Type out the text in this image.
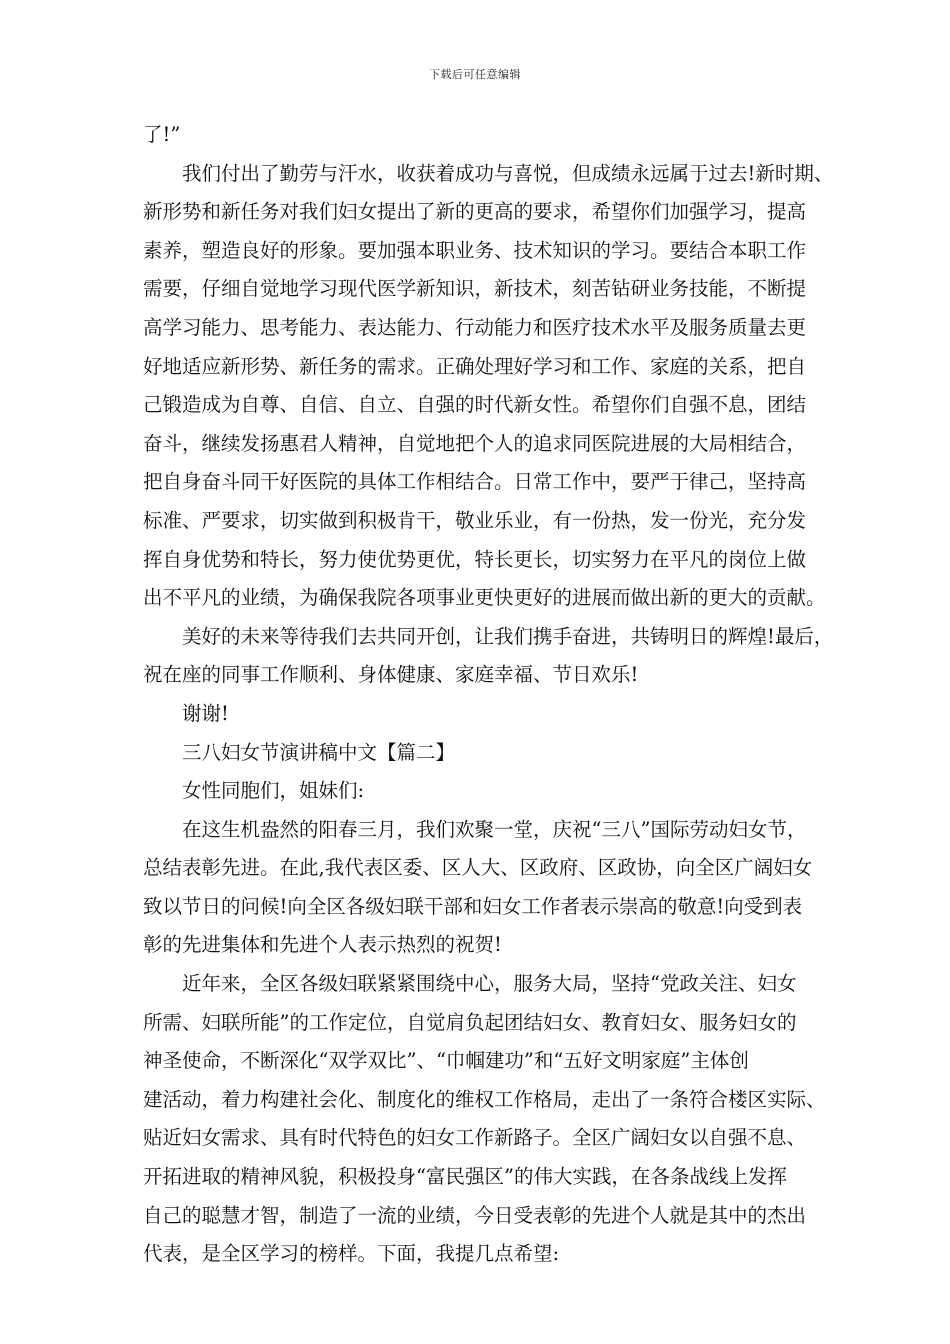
下载后可任意编辑
了!”
我们付出了勤劳与汗水，收获着成功与喜悦，但成绩永远属于过去!新时期、
新形势和新任务对我们妇女提出了新的更高的要求，希望你们加强学习，提高
素养，塑造良好的形象。要加强本职业务、技术知识的学习。要结合本职工作
需要，仔细自觉地学习现代医学新知识，新技术，刻苦钻研业务技能，不断提
高学习能力、思考能力、表达能力、行动能力和医疗技术水平及服务质量去更
好地适应新形势、新任务的需求。正确处理好学习和工作、家庭的关系，把自
己锻造成为自尊、自信、自立、自强的时代新女性。希望你们自强不息，团结
奋斗，继续发扬惠君人精神，自觉地把个人的追求同医院进展的大局相结合，
把自身奋斗同干好医院的具体工作相结合。日常工作中，要严于律己，坚持高
标准、严要求，切实做到积极肯干，敬业乐业，有一份热，发一份光，充分发
挥自身优势和特长，努力使优势更优，特长更长，切实努力在平凡的岗位上做
出不平凡的业绩，为确保我院各项事业更快更好的进展而做出新的更大的贡献。
美好的未来等待我们去共同开创，让我们携手奋进，共铸明日的辉煌!最后，
祝在座的同事工作顺利、身体健康、家庭幸福、节日欢乐!
谢谢!
三八妇女节演讲稿中文【篇二】
女性同胞们，姐妹们:
在这生机盎然的阳春三月，我们欢聚一堂，庆祝“三八”国际劳动妇女节，
总结表彰先进。在此,我代表区委、区人大、区政府、区政协，向全区广阔妇女
致以节日的问候!向全区各级妇联干部和妇女工作者表示崇高的敬意!向受到表
彰的先进集体和先进个人表示热烈的祝贺!
近年来，全区各级妇联紧紧围绕中心，服务大局，坚持“党政关注、妇女
所需、妇联所能”的工作定位，自觉肩负起团结妇女、教育妇女、服务妇女的
神圣使命，不断深化“双学双比”、“巾帼建功”和“五好文明家庭”主体创
建活动，着力构建社会化、制度化的维权工作格局，走出了一条符合楼区实际、
贴近妇女需求、具有时代特色的妇女工作新路子。全区广阔妇女以自强不息、
开拓进取的精神风貌，积极投身“富民强区”的伟大实践，在各条战线上发挥
自己的聪慧才智，制造了一流的业绩，今日受表彰的先进个人就是其中的杰出
代表，是全区学习的榜样。下面，我提几点希望:
